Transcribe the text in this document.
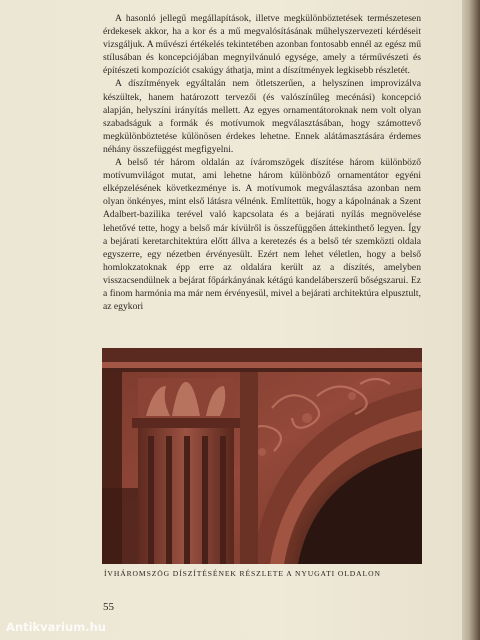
A hasonló jellegű megállapítások, illetve megkülönböztetések természetesen érdekesek akkor, ha a kor és a mű megvalósításának műhelyszervezeti kérdéseit vizsgáljuk. A művészi értékelés tekintetében azonban fontosabb ennél az egész mű stílusában és koncepciójában megnyilvánuló egysége, amely a térművészeti és építészeti kompozíciót csakúgy áthatja, mint a díszítmények legkisebb részletét.

A díszítmények egyáltalán nem ötletszerűen, a helyszínen improvizálva készültek, hanem határozott tervezői (és valószínűleg mecénási) koncepció alapján, helyszíni irányítás mellett. Az egyes ornamentátoroknak nem volt olyan szabadságuk a formák és motívumok megválasztásában, hogy számottevő megkülönböztetése különösen érdekes lehetne. Ennek alátámasztására érdemes néhány összefüggést megfigyelni.

A belső tér három oldalán az íváromszögek díszítése három különböző motívumvilágot mutat, ami lehetne három különböző ornamentátor egyéni elképzelésének következménye is. A motívumok megválasztása azonban nem olyan önkényes, mint első látásra vélnénk. Említettük, hogy a kápolnának a Szent Adalbert-bazilika terével való kapcsolata és a bejárati nyílás megnövelése lehetővé tette, hogy a belső már kívülről is összefüggően áttekinthető legyen. Így a bejárati keretarchitektúra előtt állva a keretezés és a belső tér szemközti oldala egyszerre, egy nézetben érvényesült. Ezért nem lehet véletlen, hogy a belső homlokzatoknak épp erre az oldalára került az a díszítés, amelyben visszacsendülnek a bejárat főpárkányának kétágú kandeláberszerű bőségszarui. Ez a finom harmónia ma már nem érvényesül, mivel a bejárati architektúra elpusztult, az egykori

ÍVHÁROMSZÖG DÍSZÍTÉSÉNEK RÉSZLETE A NYUGATI OLDALON
55
Antikvarium.hu
